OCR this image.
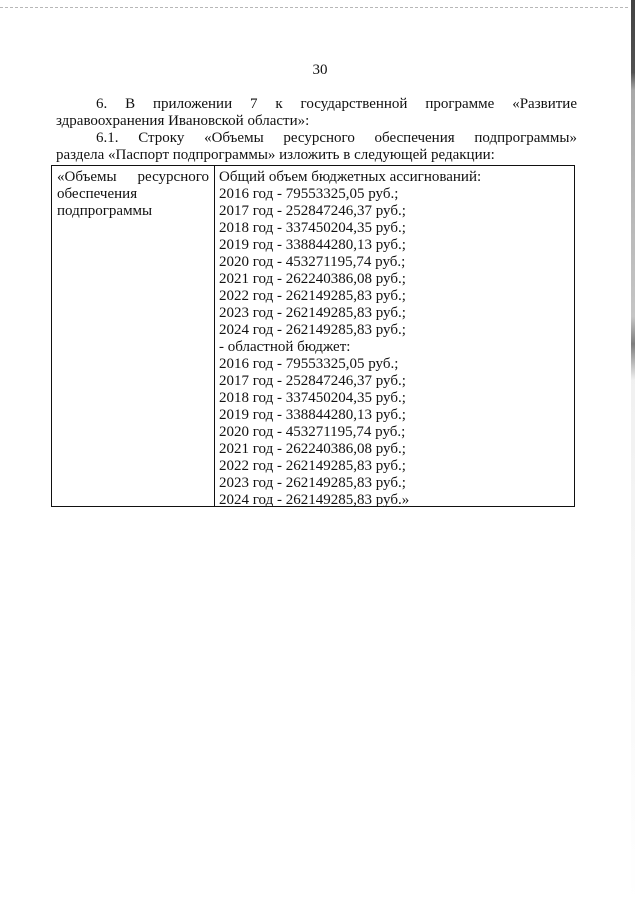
30

6. В приложении 7 к государственной программе «Развитие
здравоохранения Ивановской области»:

6.1. Строку «Объемы ресурсного обеспечения подпрограммы»
раздела «Паспорт подпрограммы» изложить в следующей редакции:

«Объемы ресурсного
обеспечения
подпрограммы
Общий объем бюджетных ассигнований:
2016 год - 79553325,05 руб.;
2017 год - 252847246,37 руб.;
2018 год - 337450204,35 руб.;
2019 год - 338844280,13 руб.;
2020 год - 453271195,74 руб.;
2021 год - 262240386,08 руб.;
2022 год - 262149285,83 руб.;
2023 год - 262149285,83 руб.;
2024 год - 262149285,83 руб.;
- областной бюджет:
2016 год - 79553325,05 руб.;
2017 год - 252847246,37 руб.;
2018 год - 337450204,35 руб.;
2019 год - 338844280,13 руб.;
2020 год - 453271195,74 руб.;
2021 год - 262240386,08 руб.;
2022 год - 262149285,83 руб.;
2023 год - 262149285,83 руб.;
2024 год - 262149285,83 руб.»
